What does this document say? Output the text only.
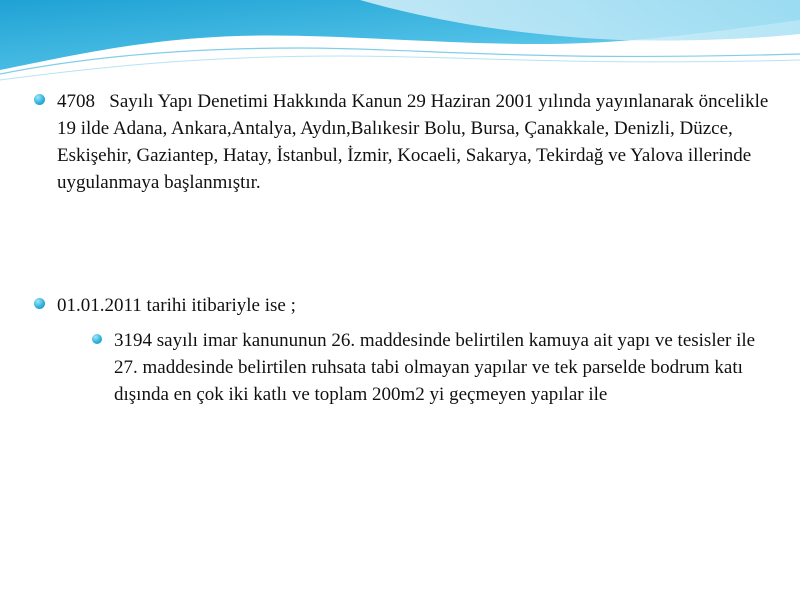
4708   Sayılı Yapı Denetimi Hakkında Kanun 29 Haziran 2001 yılında yayınlanarak öncelikle 19 ilde Adana, Ankara,Antalya, Aydın,Balıkesir Bolu, Bursa, Çanakkale, Denizli, Düzce, Eskişehir, Gaziantep, Hatay, İstanbul, İzmir, Kocaeli, Sakarya, Tekirdağ ve Yalova illerinde uygulanmaya başlanmıştır.
01.01.2011 tarihi itibariyle ise ;
3194 sayılı imar kanununun 26. maddesinde belirtilen kamuya ait yapı ve tesisler ile 27. maddesinde belirtilen ruhsata tabi olmayan yapılar ve tek parselde bodrum katı dışında en çok iki katlı ve toplam 200m2 yi geçmeyen yapılar ile
